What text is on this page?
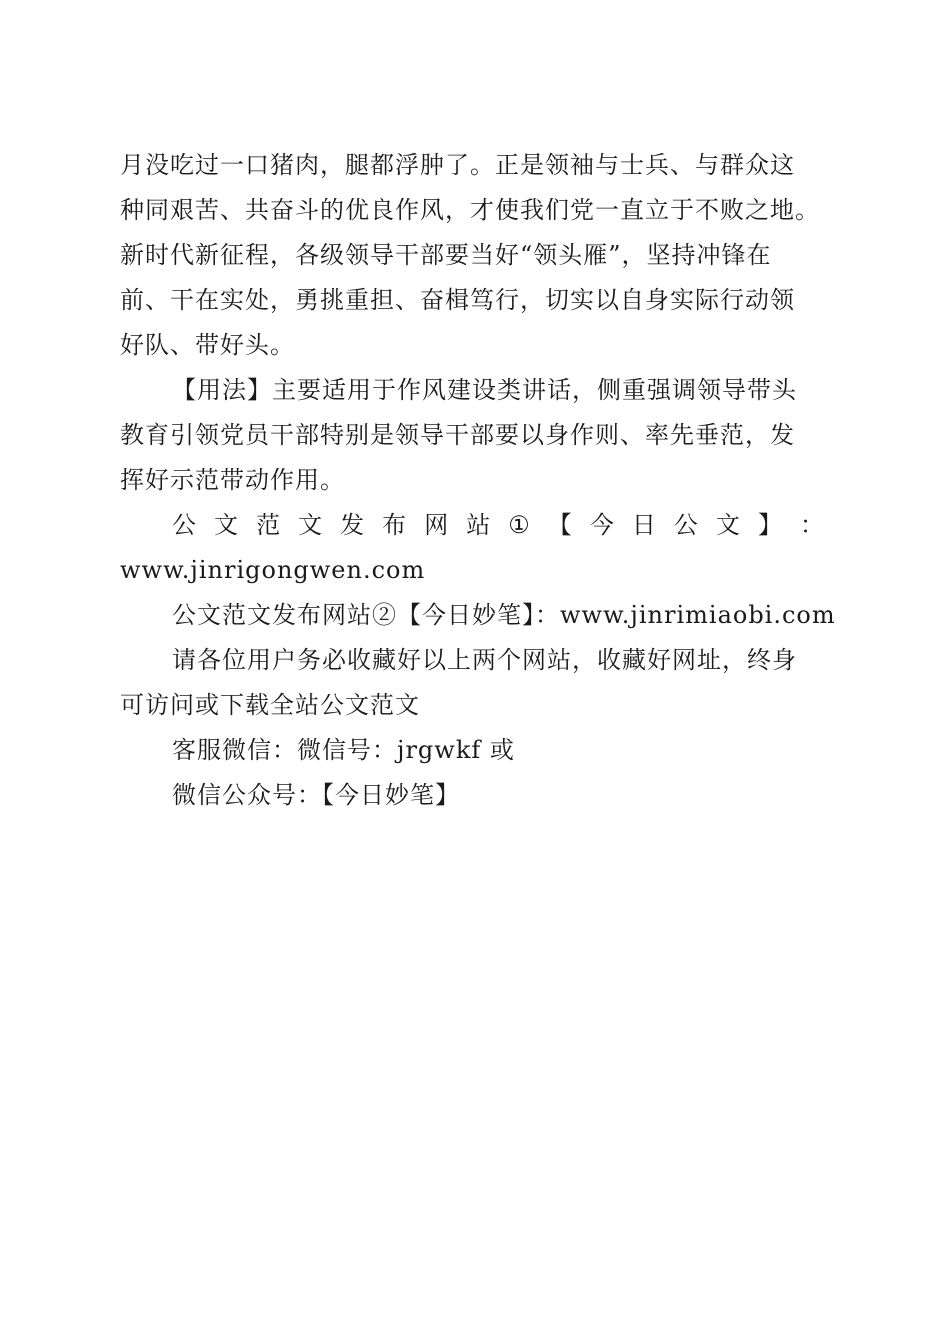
月没吃过一口猪肉，腿都浮肿了。正是领袖与士兵、与群众这
种同艰苦、共奋斗的优良作风，才使我们党一直立于不败之地。
新时代新征程，各级领导干部要当好“领头雁”，坚持冲锋在
前、干在实处，勇挑重担、奋楫笃行，切实以自身实际行动领
好队、带好头。
【用法】主要适用于作风建设类讲话，侧重强调领导带头
教育引领党员干部特别是领导干部要以身作则、率先垂范，发
挥好示范带动作用。
公 文 范 文 发 布 网 站 ① 【 今 日 公 文 】 ：
www.jinrigongwen.com
公文范文发布网站②【今日妙笔】：www.jinrimiaobi.com
请各位用户务必收藏好以上两个网站，收藏好网址，终身
可访问或下载全站公文范文
客服微信：微信号：jrgwkf 或
微信公众号：【今日妙笔】
